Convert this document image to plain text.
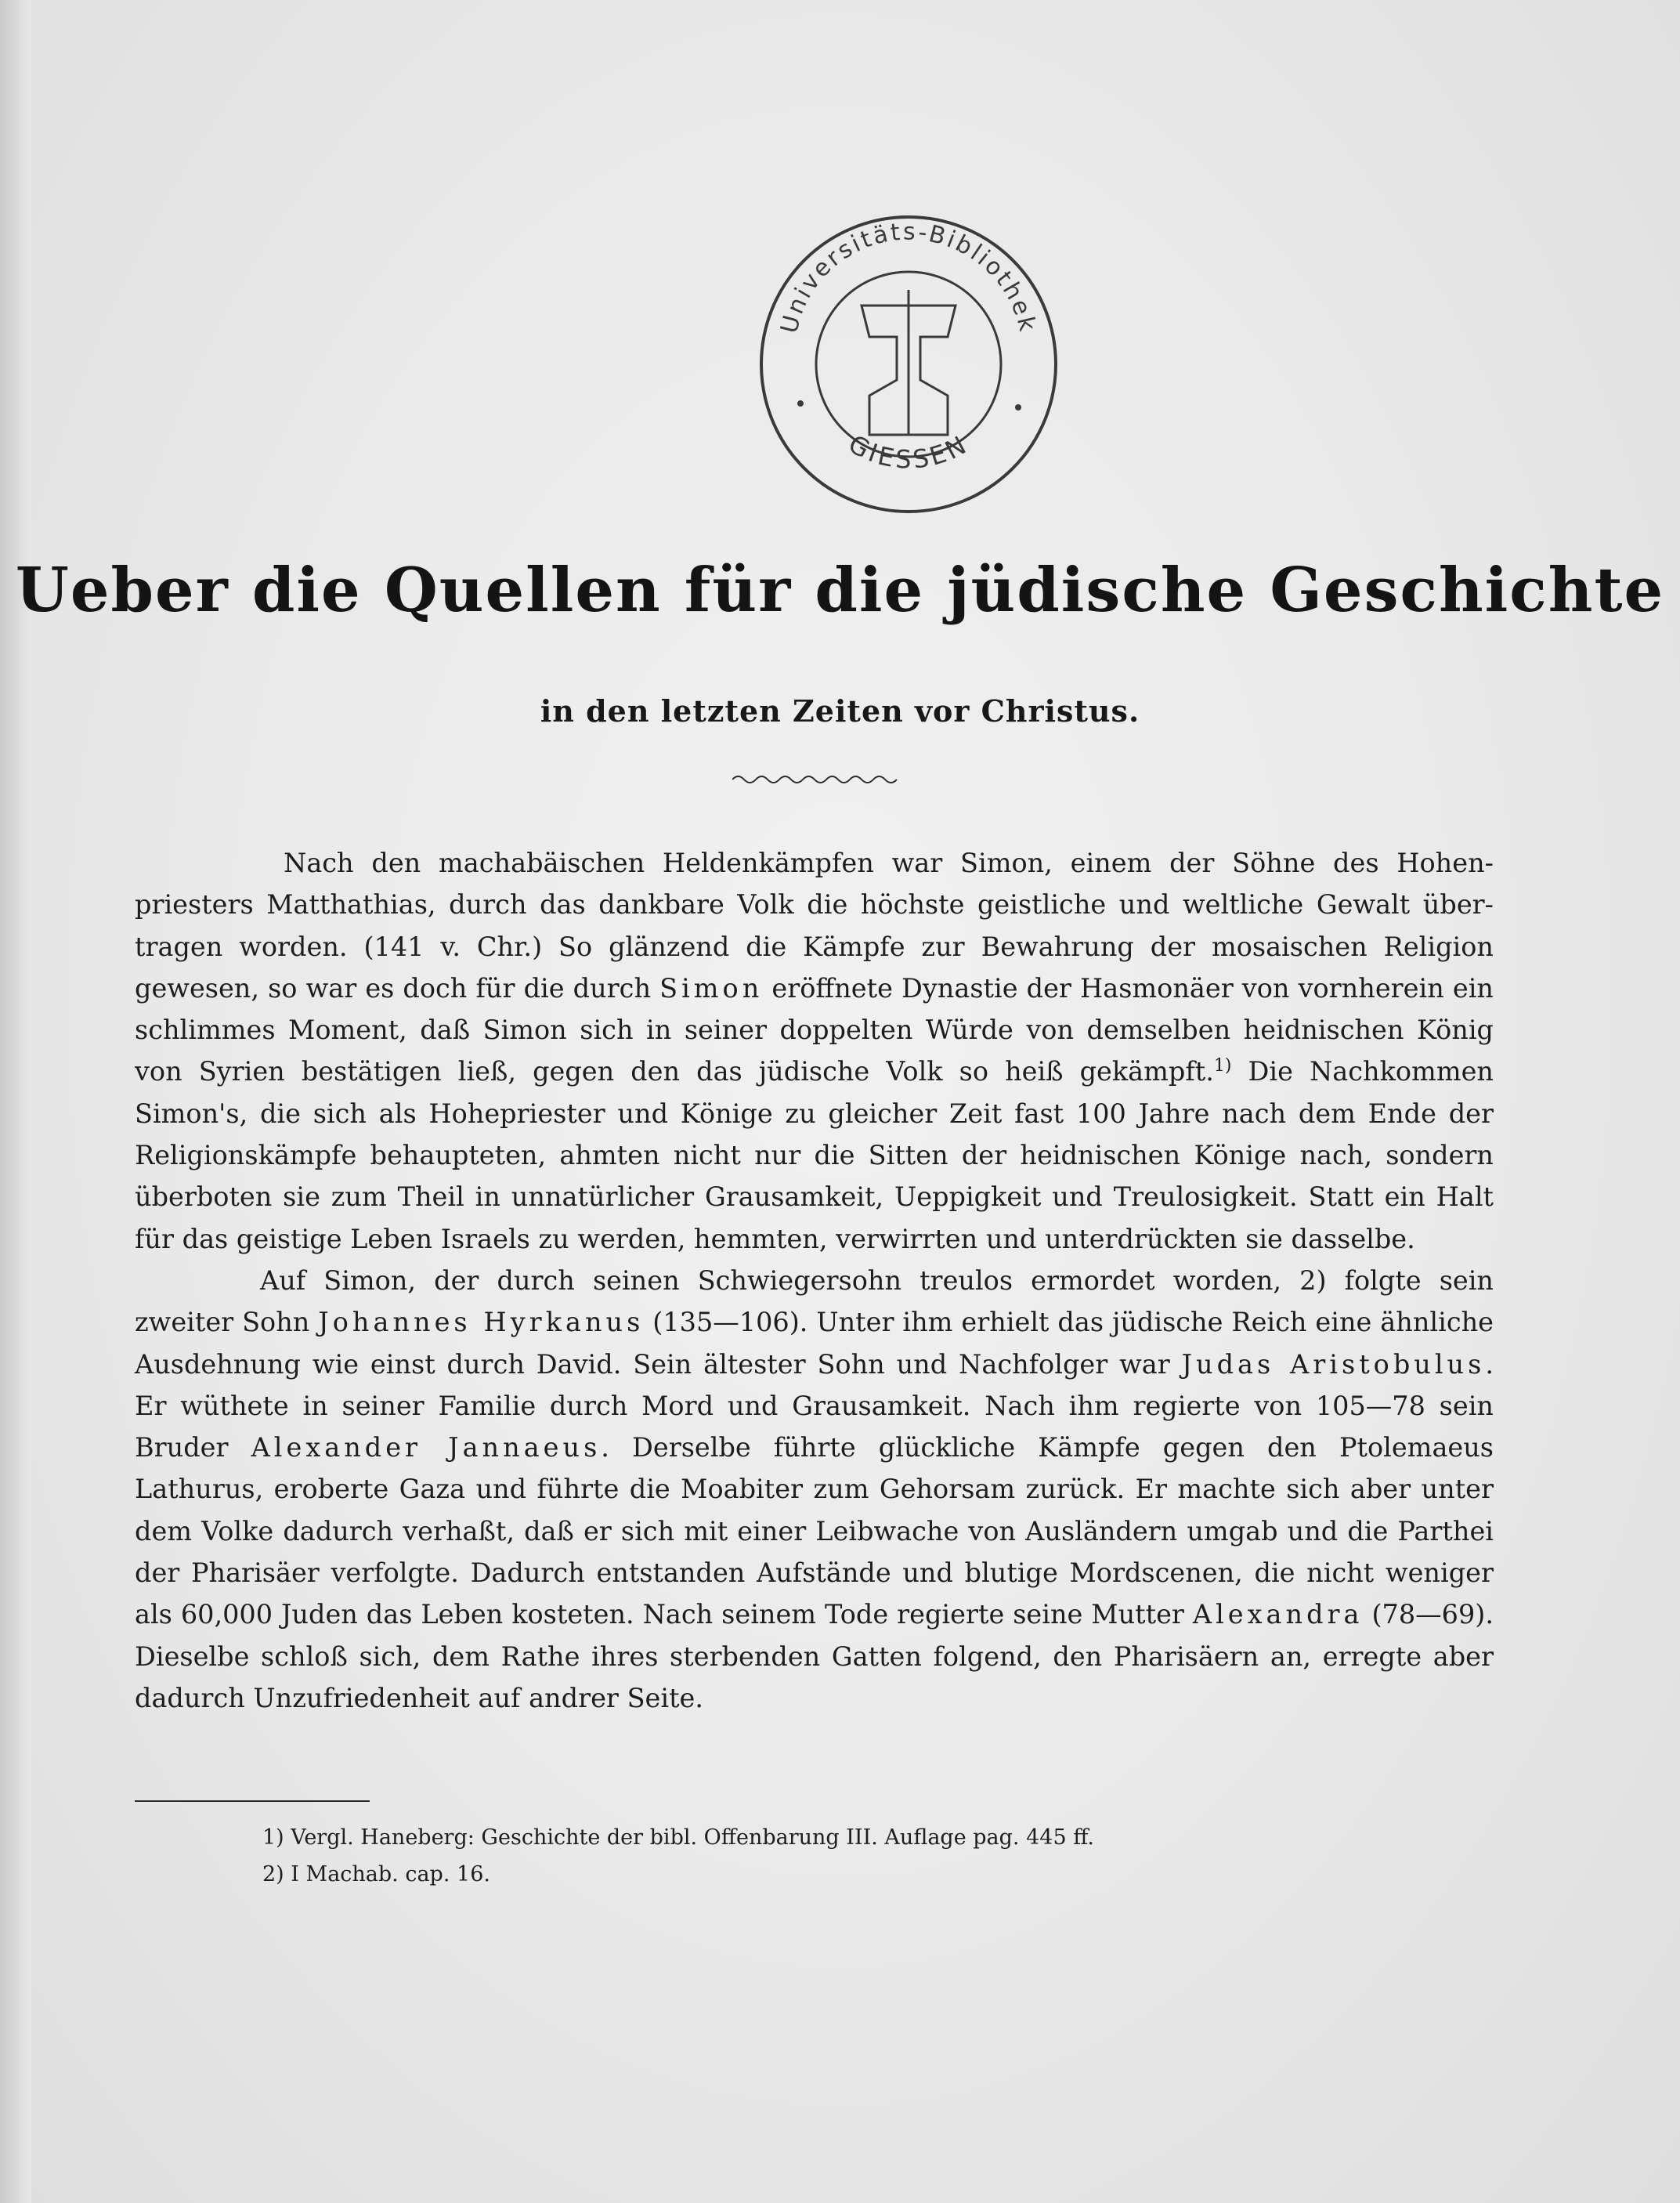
Universitäts-Bibliothek
GIESSEN
Ueber die Quellen für die jüdische Geschichte
in den letzten Zeiten vor Christus.
~~~~~~~~~~~~~~

Nach den machabäischen Heldenkämpfen war Simon, einem der Söhne des Hohenpriesters Matthathias, durch das dankbare Volk die höchste geistliche und weltliche Gewalt übertragen worden. (141 v. Chr.) So glänzend die Kämpfe zur Bewahrung der mosaischen Religion gewesen, so war es doch für die durch Simon eröffnete Dynastie der Hasmonäer von vornherein ein schlimmes Moment, daß Simon sich in seiner doppelten Würde von demselben heidnischen König von Syrien bestätigen ließ, gegen den das jüdische Volk so heiß gekämpft.$^{1)}$ Die Nachkommen Simon's, die sich als Hohepriester und Könige zu gleicher Zeit fast 100 Jahre nach dem Ende der Religionskämpfe behaupteten, ahmten nicht nur die Sitten der heidnischen Könige nach, sondern überboten sie zum Theil in unnatürlicher Grausamkeit, Ueppigkeit und Treulosigkeit. Statt ein Halt für das geistige Leben Israels zu werden, hemmten, verwirrten und unterdrückten sie dasselbe.

Auf Simon, der durch seinen Schwiegersohn treulos ermordet worden, 2) folgte sein zweiter Sohn Johannes Hyrkanus (135—106). Unter ihm erhielt das jüdische Reich eine ähnliche Ausdehnung wie einst durch David. Sein ältester Sohn und Nachfolger war Judas Aristobulus. Er wüthete in seiner Familie durch Mord und Grausamkeit. Nach ihm regierte von 105—78 sein Bruder Alexander Jannaeus. Derselbe führte glückliche Kämpfe gegen den Ptolemaeus Lathurus, eroberte Gaza und führte die Moabiter zum Gehorsam zurück. Er machte sich aber unter dem Volke dadurch verhaßt, daß er sich mit einer Leibwache von Ausländern umgab und die Parthei der Pharisäer verfolgte. Dadurch entstanden Aufstände und blutige Mordscenen, die nicht weniger als 60,000 Juden das Leben kosteten. Nach seinem Tode regierte seine Mutter Alexandra (78—69). Dieselbe schloß sich, dem Rathe ihres sterbenden Gatten folgend, den Pharisäern an, erregte aber dadurch Unzufriedenheit auf andrer Seite.

1) Vergl. Haneberg: Geschichte der bibl. Offenbarung III. Auflage pag. 445 ff.
2) I Machab. cap. 16.
